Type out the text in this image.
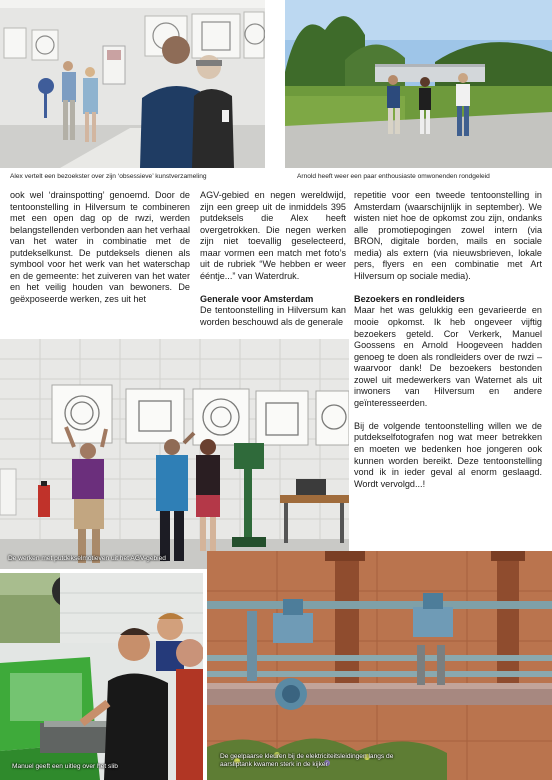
Alex vertelt een bezoekster over zijn ‘obsessieve’ kunstverzameling	Arnold heeft weer een paar enthousiaste omwonenden rondgeleid

ook wel ‘drainspotting’ genoemd. Door de tentoonstelling in Hilversum te combineren met een open dag op de rwzi, werden belangstellenden verbonden aan het verhaal van het water in combinatie met de putdekselkunst. De putdeksels dienen als symbool voor het werk van het waterschap en de gemeente: het zuiveren van het water en het veilig houden van bewoners. De geëxposeerde werken, zes uit het

AGV-gebied en negen wereldwijd, zijn een greep uit de inmiddels 395 putdeksels die Alex heeft overgetrokken. Die negen werken zijn niet toevallig geselecteerd, maar vormen een match met foto’s uit de rubriek “We hebben er weer ééntje...” van Waterdruk.

Generale voor Amsterdam

De tentoonstelling in Hilversum kan worden beschouwd als de generale

repetitie voor een tweede tentoonstelling in Amsterdam (waarschijnlijk in september). We wisten niet hoe de opkomst zou zijn, ondanks alle promotiepogingen zowel intern (via BRON, digitale borden, mails en sociale media) als extern (via nieuwsbrieven, lokale pers, flyers en een combinatie met Art Hilversum op sociale media).

Bezoekers en rondleiders

Maar het was gelukkig een gevarieerde en mooie opkomst. Ik heb ongeveer vijftig bezoekers geteld. Cor Verkerk, Manuel Goossens en Arnold Hoogeveen hadden genoeg te doen als rondleiders over de rwzi – waarvoor dank! De bezoekers bestonden zowel uit medewerkers van Waternet als uit inwoners van Hilversum en andere geïnteresseerden.

Bij de volgende tentoonstelling willen we de putdekselfotografen nog wat meer betrekken en moeten we bedenken hoe jongeren ook kunnen worden bereikt. Deze tentoonstelling vond ik in ieder geval al enorm geslaagd. Wordt vervolgd...!

De werken met putdekselmotieven uit het AGV-gebied
Manuel geeft een uitleg over het slib
De geelpaarse kleuren bij de elektriciteitsleidingen langs de aarsliptank kwamen sterk in de kijker
